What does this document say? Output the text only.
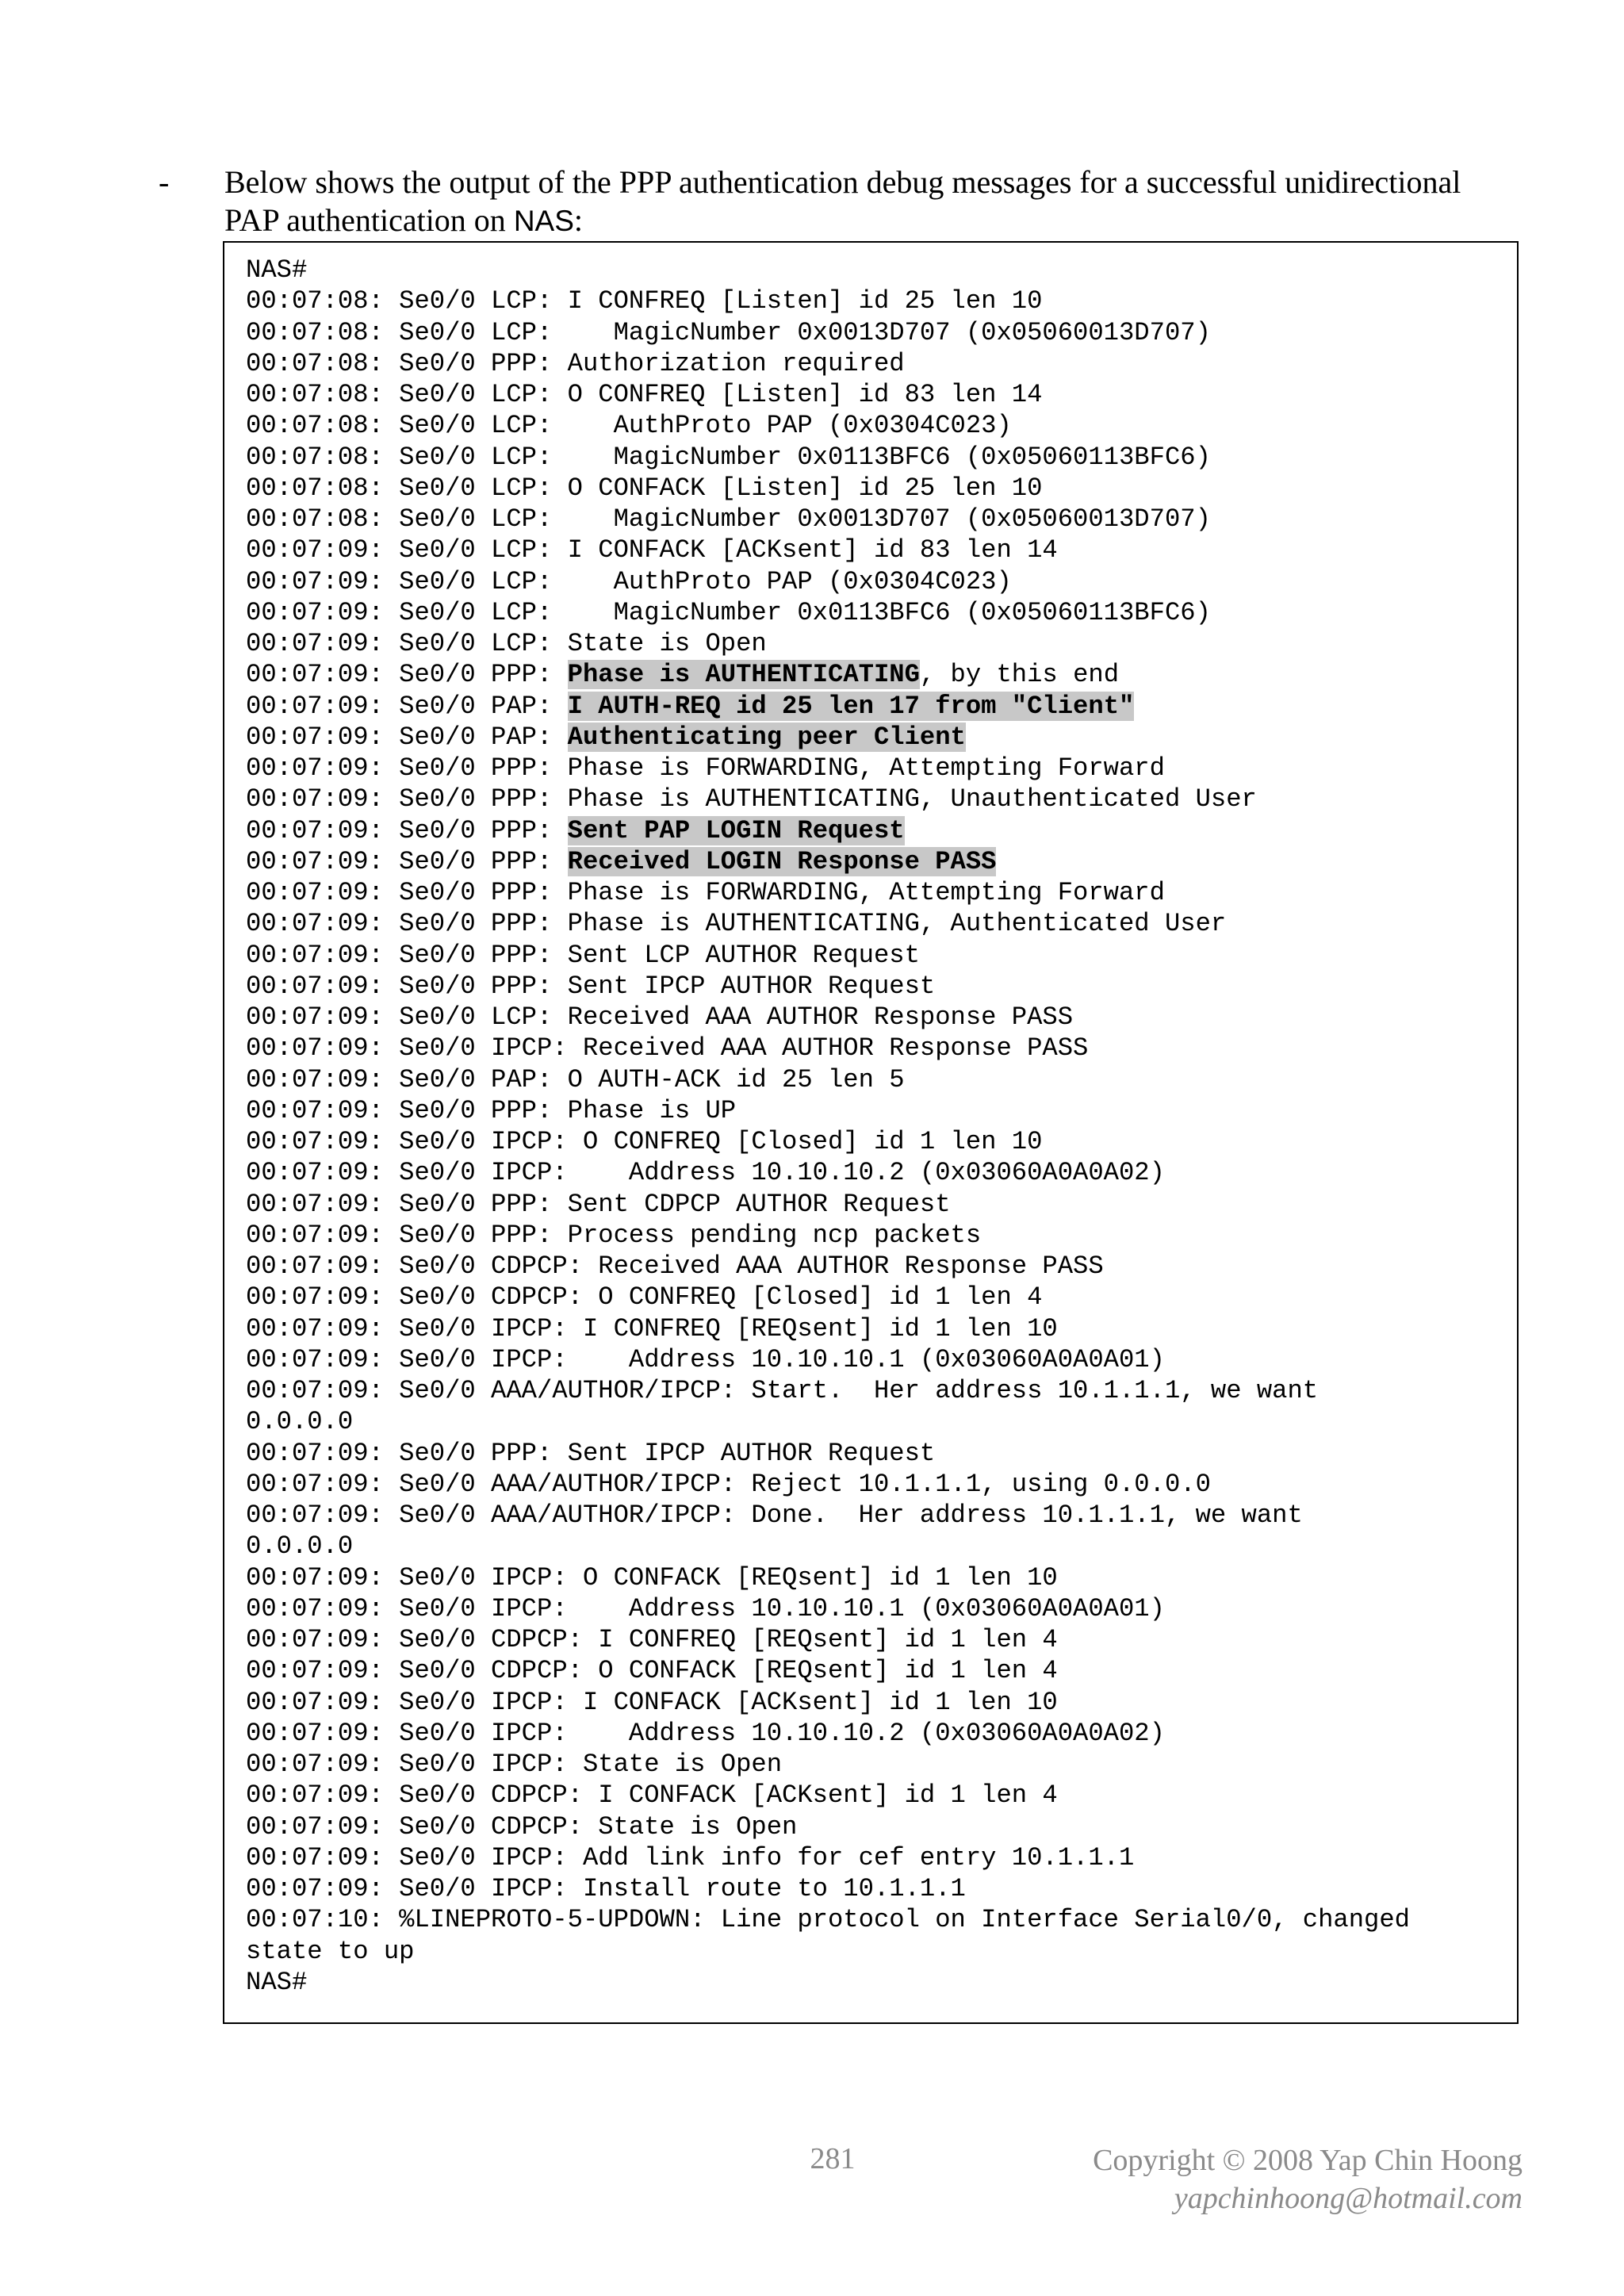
-	Below shows the output of the PPP authentication debug messages for a successful unidirectional PAP authentication on NAS:
NAS#
00:07:08: Se0/0 LCP: I CONFREQ [Listen] id 25 len 10
00:07:08: Se0/0 LCP:    MagicNumber 0x0013D707 (0x05060013D707)
00:07:08: Se0/0 PPP: Authorization required
00:07:08: Se0/0 LCP: O CONFREQ [Listen] id 83 len 14
00:07:08: Se0/0 LCP:    AuthProto PAP (0x0304C023)
00:07:08: Se0/0 LCP:    MagicNumber 0x0113BFC6 (0x05060113BFC6)
00:07:08: Se0/0 LCP: O CONFACK [Listen] id 25 len 10
00:07:08: Se0/0 LCP:    MagicNumber 0x0013D707 (0x05060013D707)
00:07:09: Se0/0 LCP: I CONFACK [ACKsent] id 83 len 14
00:07:09: Se0/0 LCP:    AuthProto PAP (0x0304C023)
00:07:09: Se0/0 LCP:    MagicNumber 0x0113BFC6 (0x05060113BFC6)
00:07:09: Se0/0 LCP: State is Open
00:07:09: Se0/0 PPP: Phase is AUTHENTICATING, by this end
00:07:09: Se0/0 PAP: I AUTH-REQ id 25 len 17 from "Client"
00:07:09: Se0/0 PAP: Authenticating peer Client
00:07:09: Se0/0 PPP: Phase is FORWARDING, Attempting Forward
00:07:09: Se0/0 PPP: Phase is AUTHENTICATING, Unauthenticated User
00:07:09: Se0/0 PPP: Sent PAP LOGIN Request
00:07:09: Se0/0 PPP: Received LOGIN Response PASS
00:07:09: Se0/0 PPP: Phase is FORWARDING, Attempting Forward
00:07:09: Se0/0 PPP: Phase is AUTHENTICATING, Authenticated User
00:07:09: Se0/0 PPP: Sent LCP AUTHOR Request
00:07:09: Se0/0 PPP: Sent IPCP AUTHOR Request
00:07:09: Se0/0 LCP: Received AAA AUTHOR Response PASS
00:07:09: Se0/0 IPCP: Received AAA AUTHOR Response PASS
00:07:09: Se0/0 PAP: O AUTH-ACK id 25 len 5
00:07:09: Se0/0 PPP: Phase is UP
00:07:09: Se0/0 IPCP: O CONFREQ [Closed] id 1 len 10
00:07:09: Se0/0 IPCP:    Address 10.10.10.2 (0x03060A0A0A02)
00:07:09: Se0/0 PPP: Sent CDPCP AUTHOR Request
00:07:09: Se0/0 PPP: Process pending ncp packets
00:07:09: Se0/0 CDPCP: Received AAA AUTHOR Response PASS
00:07:09: Se0/0 CDPCP: O CONFREQ [Closed] id 1 len 4
00:07:09: Se0/0 IPCP: I CONFREQ [REQsent] id 1 len 10
00:07:09: Se0/0 IPCP:    Address 10.10.10.1 (0x03060A0A0A01)
00:07:09: Se0/0 AAA/AUTHOR/IPCP: Start.  Her address 10.1.1.1, we want
0.0.0.0
00:07:09: Se0/0 PPP: Sent IPCP AUTHOR Request
00:07:09: Se0/0 AAA/AUTHOR/IPCP: Reject 10.1.1.1, using 0.0.0.0
00:07:09: Se0/0 AAA/AUTHOR/IPCP: Done.  Her address 10.1.1.1, we want
0.0.0.0
00:07:09: Se0/0 IPCP: O CONFACK [REQsent] id 1 len 10
00:07:09: Se0/0 IPCP:    Address 10.10.10.1 (0x03060A0A0A01)
00:07:09: Se0/0 CDPCP: I CONFREQ [REQsent] id 1 len 4
00:07:09: Se0/0 CDPCP: O CONFACK [REQsent] id 1 len 4
00:07:09: Se0/0 IPCP: I CONFACK [ACKsent] id 1 len 10
00:07:09: Se0/0 IPCP:    Address 10.10.10.2 (0x03060A0A0A02)
00:07:09: Se0/0 IPCP: State is Open
00:07:09: Se0/0 CDPCP: I CONFACK [ACKsent] id 1 len 4
00:07:09: Se0/0 CDPCP: State is Open
00:07:09: Se0/0 IPCP: Add link info for cef entry 10.1.1.1
00:07:09: Se0/0 IPCP: Install route to 10.1.1.1
00:07:10: %LINEPROTO-5-UPDOWN: Line protocol on Interface Serial0/0, changed
state to up
NAS#
281	Copyright © 2008 Yap Chin Hoong
yapchinhoong@hotmail.com
